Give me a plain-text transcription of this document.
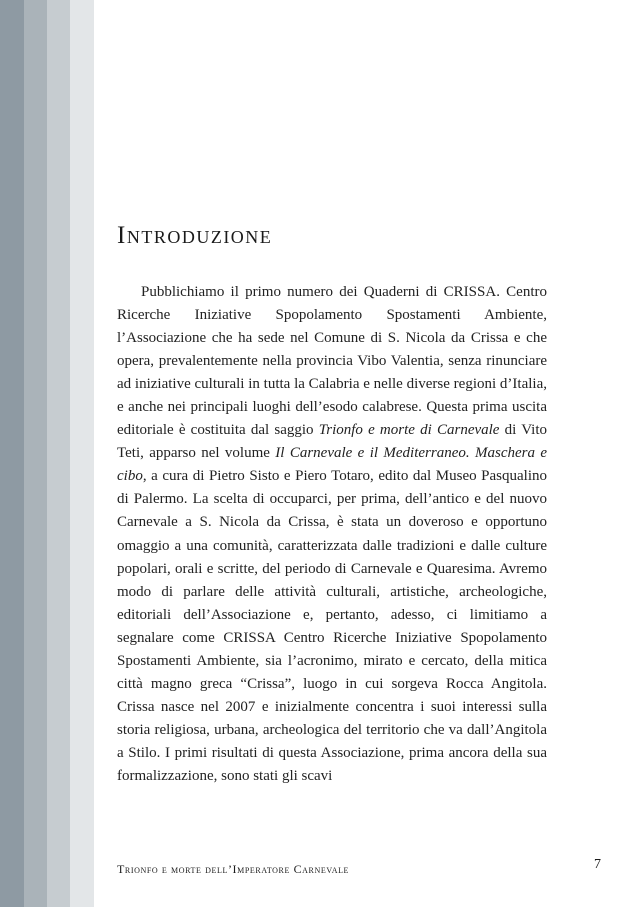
Introduzione

Pubblichiamo il primo numero dei Quaderni di CRISSA. Centro Ricerche Iniziative Spopolamento Spostamenti Ambiente, l’Associazione che ha sede nel Comune di S. Nicola da Crissa e che opera, prevalentemente nella provincia Vibo Valentia, senza rinunciare ad iniziative culturali in tutta la Calabria e nelle diverse regioni d’Italia, e anche nei principali luoghi dell’esodo calabrese. Questa prima uscita editoriale è costituita dal saggio Trionfo e morte di Carnevale di Vito Teti, apparso nel volume Il Carnevale e il Mediterraneo. Maschera e cibo, a cura di Pietro Sisto e Piero Totaro, edito dal Museo Pasqualino di Palermo. La scelta di occuparci, per prima, dell’antico e del nuovo Carnevale a S. Nicola da Crissa, è stata un doveroso e opportuno omaggio a una comunità, caratterizzata dalle tradizioni e dalle culture popolari, orali e scritte, del periodo di Carnevale e Quaresima. Avremo modo di parlare delle attività culturali, artistiche, archeologiche, editoriali dell’Associazione e, pertanto, adesso, ci limitiamo a segnalare come CRISSA Centro Ricerche Iniziative Spopolamento Spostamenti Ambiente, sia l’acronimo, mirato e cercato, della mitica città magno greca “Crissa”, luogo in cui sorgeva Rocca Angitola. Crissa nasce nel 2007 e inizialmente concentra i suoi interessi sulla storia religiosa, urbana, archeologica del territorio che va dall’Angitola a Stilo. I primi risultati di questa Associazione, prima ancora della sua formalizzazione, sono stati gli scavi

Trionfo e morte dell’Imperatore Carnevale	7
